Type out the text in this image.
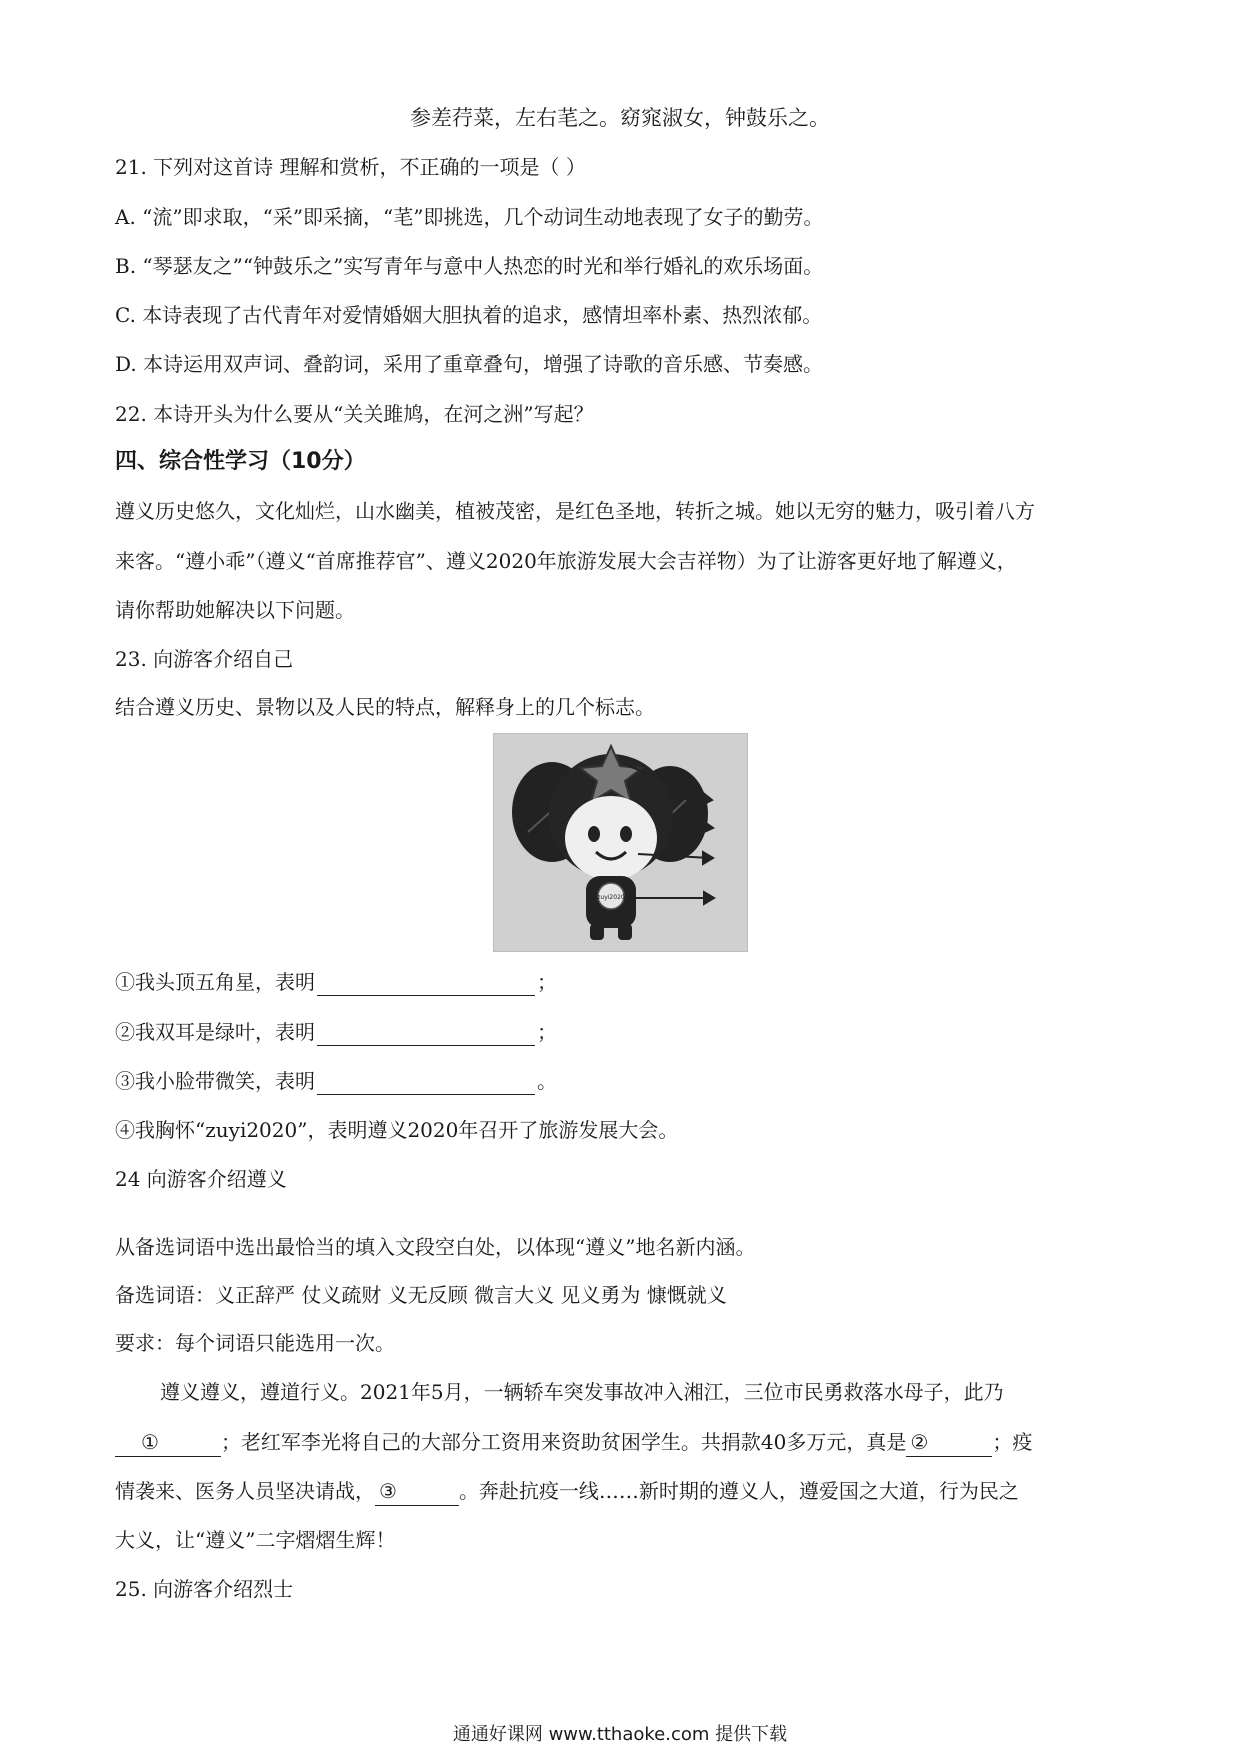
参差荇菜，左右芼之。窈窕淑女，钟鼓乐之。
21. 下列对这首诗 理解和赏析，不正确的一项是（ ）
A. “流”即求取，“采”即采摘，“芼”即挑选，几个动词生动地表现了女子的勤劳。
B. “琴瑟友之”“钟鼓乐之”实写青年与意中人热恋的时光和举行婚礼的欢乐场面。
C. 本诗表现了古代青年对爱情婚姻大胆执着的追求，感情坦率朴素、热烈浓郁。
D. 本诗运用双声词、叠韵词，采用了重章叠句，增强了诗歌的音乐感、节奏感。
22. 本诗开头为什么要从“关关雎鸠，在河之洲”写起？
四、综合性学习（10分）
遵义历史悠久，文化灿烂，山水幽美，植被茂密，是红色圣地，转折之城。她以无穷的魅力，吸引着八方
来客。“遵小乖”（遵义“首席推荐官”、遵义2020年旅游发展大会吉祥物）为了让游客更好地了解遵义，
请你帮助她解决以下问题。
23. 向游客介绍自己
结合遵义历史、景物以及人民的特点，解释身上的几个标志。
zuyi2020
①我头顶五角星，表明	；
②我双耳是绿叶，表明	；
③我小脸带微笑，表明	。
④我胸怀“zuyi2020”，表明遵义2020年召开了旅游发展大会。
24 向游客介绍遵义
从备选词语中选出最恰当的填入文段空白处，以体现“遵义”地名新内涵。
备选词语：义正辞严 仗义疏财 义无反顾 微言大义 见义勇为 慷慨就义
要求：每个词语只能选用一次。
遵义遵义，遵道行义。2021年5月，一辆轿车突发事故冲入湘江，三位市民勇救落水母子，此乃
①	；老红军李光将自己的大部分工资用来资助贫困学生。共捐款40多万元，真是 ②	；疫
情袭来、医务人员坚决请战， ③	。奔赴抗疫一线……新时期的遵义人，遵爱国之大道，行为民之
大义，让“遵义”二字熠熠生辉！
25. 向游客介绍烈士
通通好课网 www.tthaoke.com 提供下载
